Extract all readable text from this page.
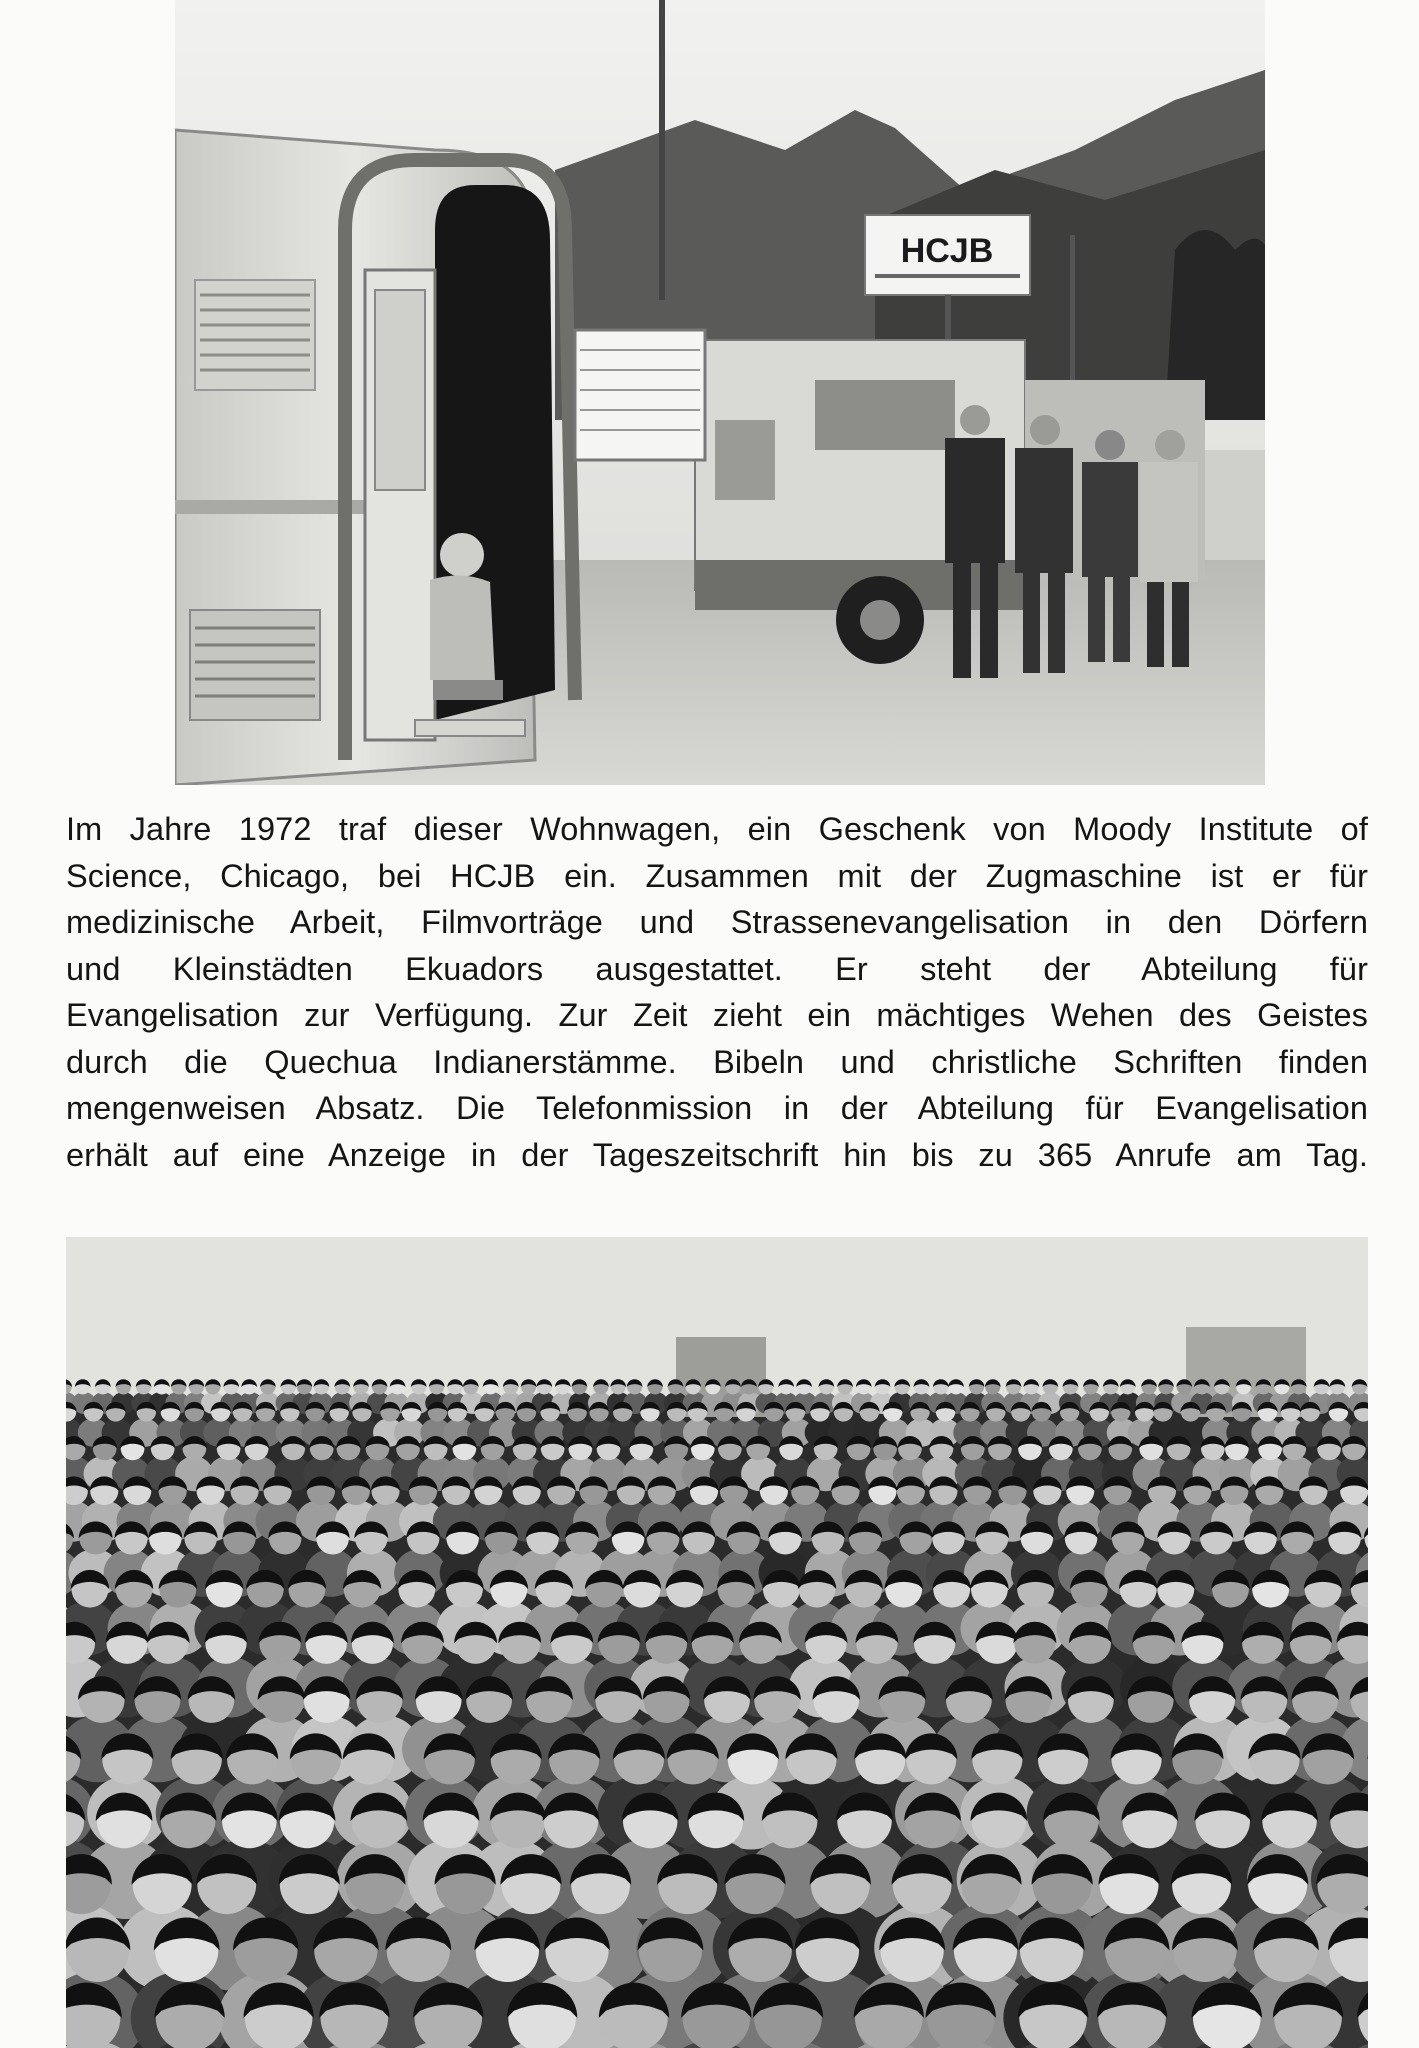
HCJB
Im Jahre 1972 traf dieser Wohnwagen, ein Geschenk von Moody Institute of
Science, Chicago, bei HCJB ein. Zusammen mit der Zugmaschine ist er für
medizinische Arbeit, Filmvorträge und Strassenevangelisation in den Dörfern
und Kleinstädten Ekuadors ausgestattet. Er steht der Abteilung für
Evangelisation zur Verfügung. Zur Zeit zieht ein mächtiges Wehen des Geistes
durch die Quechua Indianerstämme. Bibeln und christliche Schriften finden
mengenweisen Absatz. Die Telefonmission in der Abteilung für Evangelisation
erhält auf eine Anzeige in der Tageszeitschrift hin bis zu 365 Anrufe am Tag.
